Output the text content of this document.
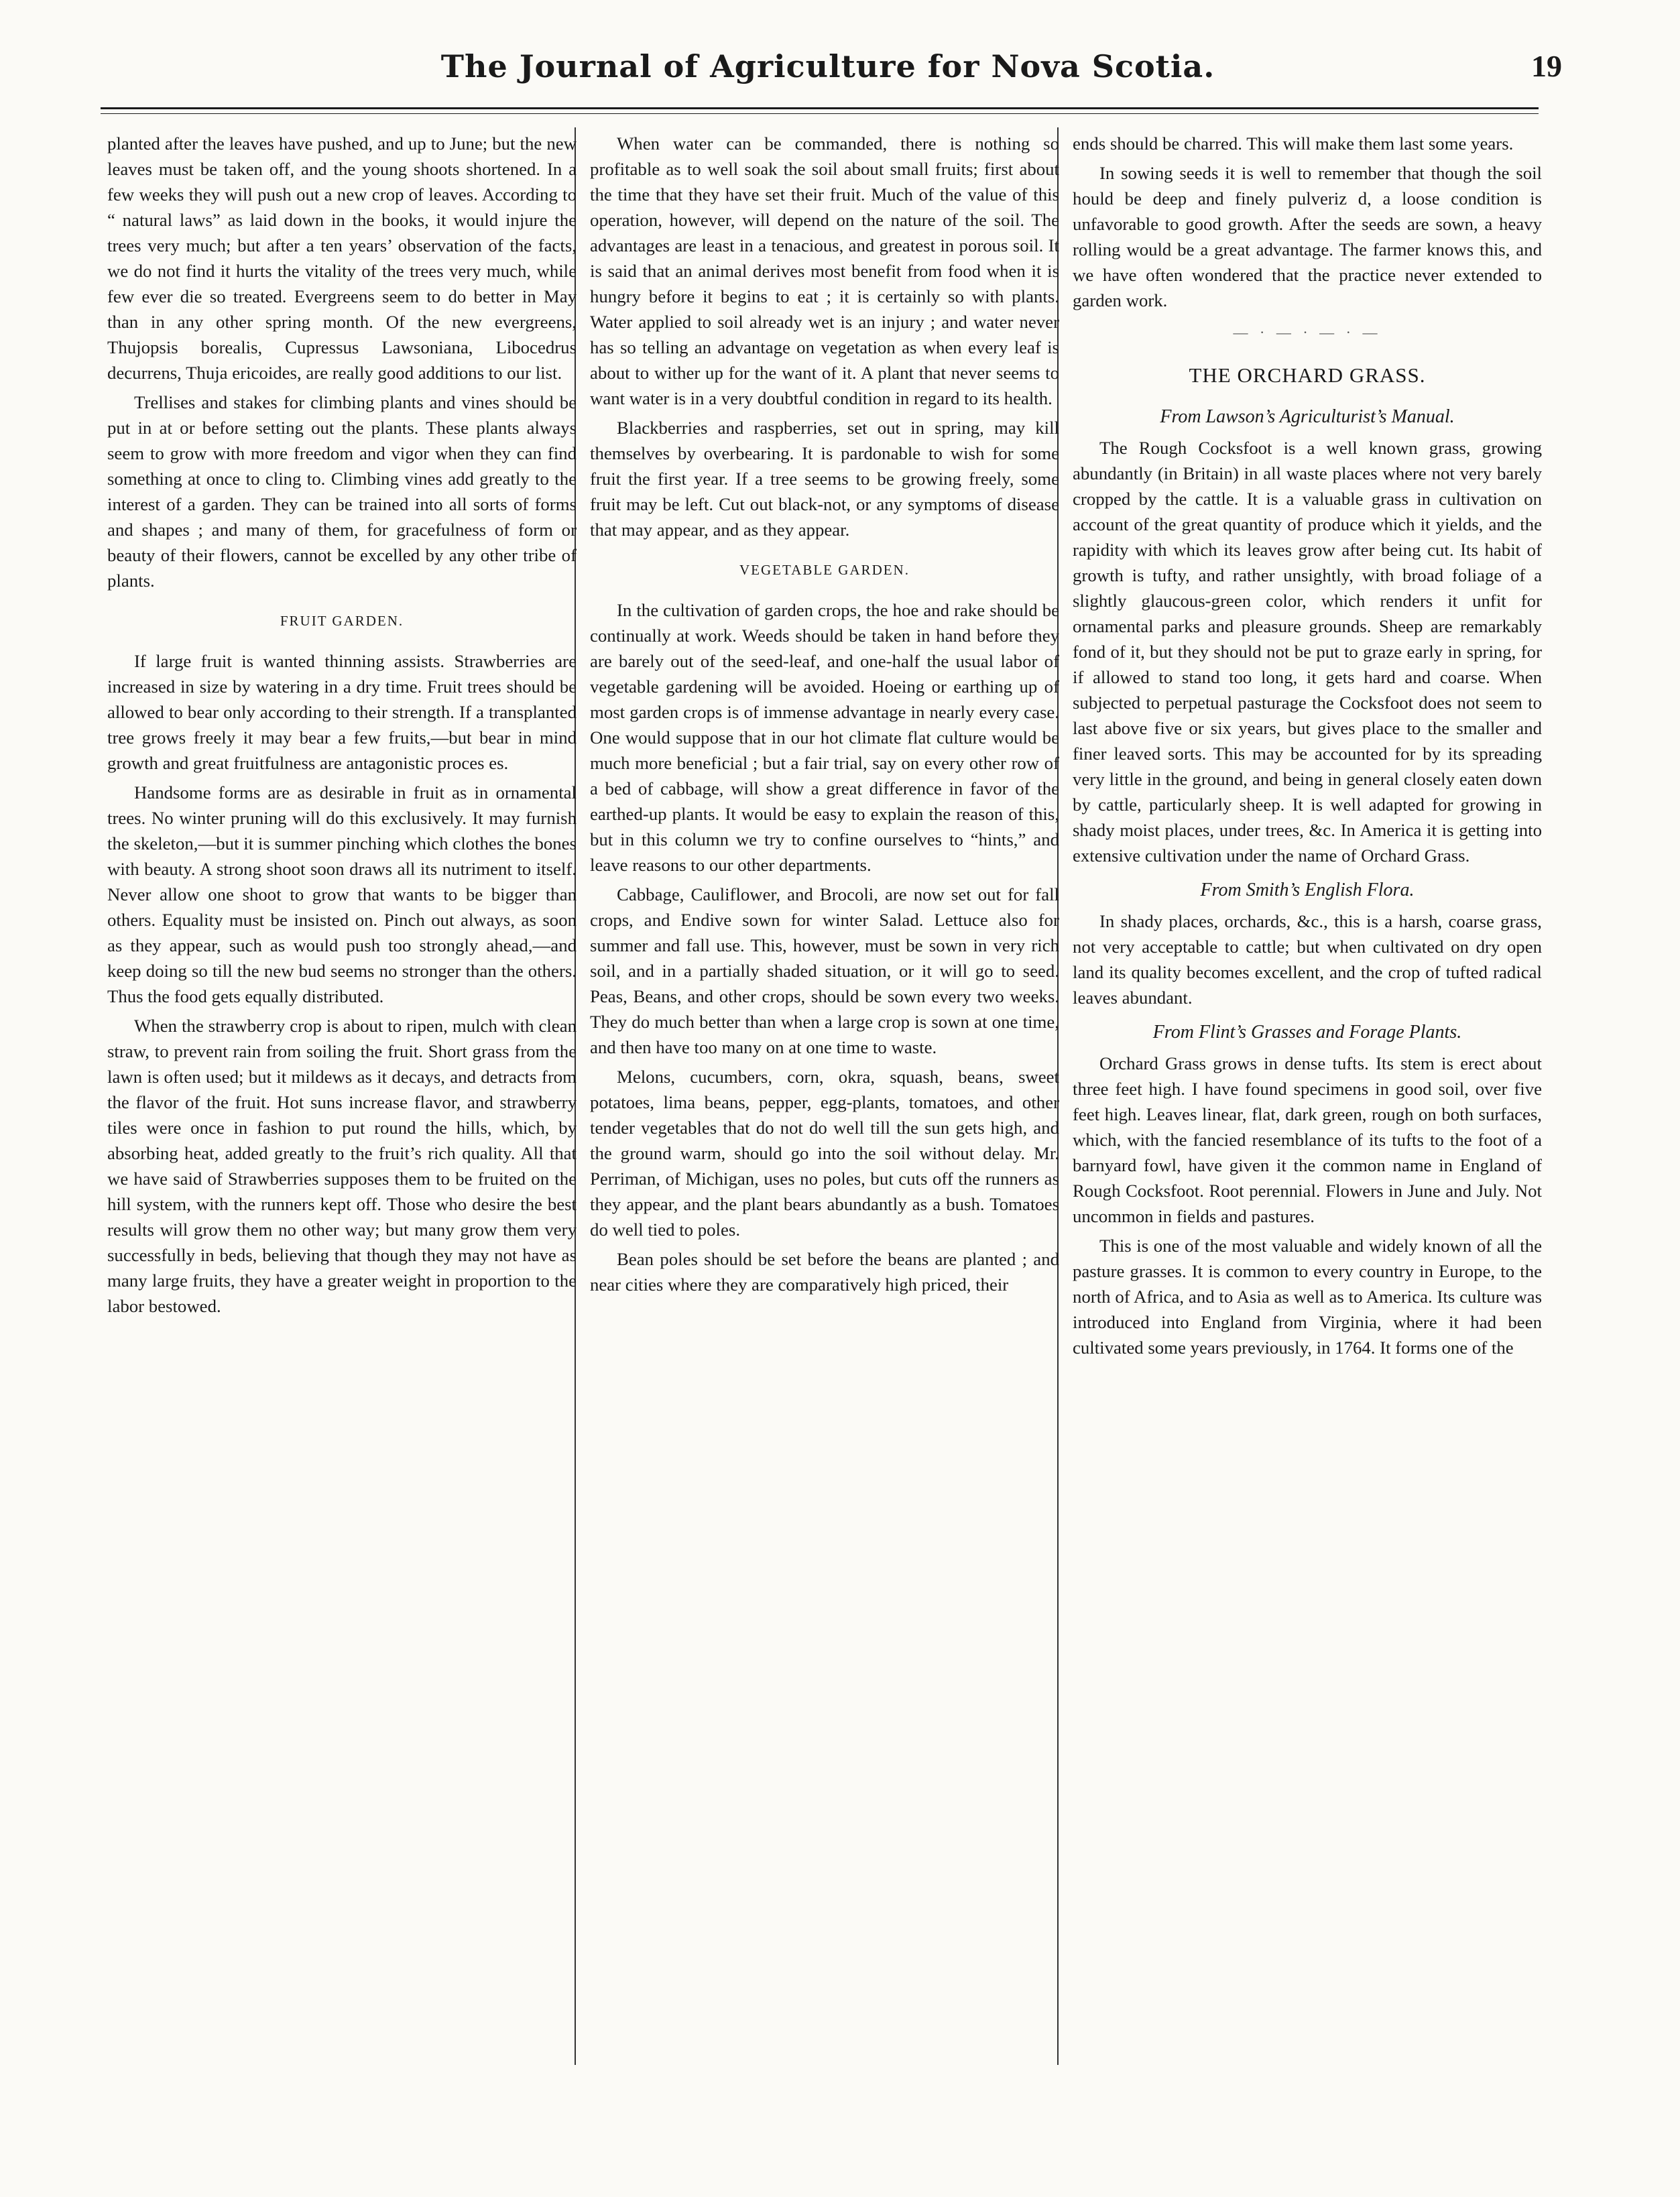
The Journal of Agriculture for Nova Scotia.	19

planted after the leaves have pushed, and up to June; but the new leaves must be taken off, and the young shoots shortened. In a few weeks they will push out a new crop of leaves. According to “ natural laws” as laid down in the books, it would injure the trees very much; but after a ten years’ observation of the facts, we do not find it hurts the vitality of the trees very much, while few ever die so treated. Evergreens seem to do better in May than in any other spring month. Of the new evergreens, Thujopsis borealis, Cupressus Lawsoniana, Libocedrus decurrens, Thuja ericoides, are really good additions to our list.

Trellises and stakes for climbing plants and vines should be put in at or before setting out the plants. These plants always seem to grow with more freedom and vigor when they can find something at once to cling to. Climbing vines add greatly to the interest of a garden. They can be trained into all sorts of forms and shapes ; and many of them, for gracefulness of form or beauty of their flowers, cannot be excelled by any other tribe of plants.

FRUIT GARDEN.

If large fruit is wanted thinning assists. Strawberries are increased in size by watering in a dry time. Fruit trees should be allowed to bear only according to their strength. If a transplanted tree grows freely it may bear a few fruits,—but bear in mind growth and great fruitfulness are antagonistic proces es.

Handsome forms are as desirable in fruit as in ornamental trees. No winter pruning will do this exclusively. It may furnish the skeleton,—but it is summer pinching which clothes the bones with beauty. A strong shoot soon draws all its nutriment to itself. Never allow one shoot to grow that wants to be bigger than others. Equality must be insisted on. Pinch out always, as soon as they appear, such as would push too strongly ahead,—and keep doing so till the new bud seems no stronger than the others. Thus the food gets equally distributed.

When the strawberry crop is about to ripen, mulch with clean straw, to prevent rain from soiling the fruit. Short grass from the lawn is often used; but it mildews as it decays, and detracts from the flavor of the fruit. Hot suns increase flavor, and strawberry tiles were once in fashion to put round the hills, which, by absorbing heat, added greatly to the fruit’s rich quality. All that we have said of Strawberries supposes them to be fruited on the hill system, with the runners kept off. Those who desire the best results will grow them no other way; but many grow them very successfully in beds, believing that though they may not have as many large fruits, they have a greater weight in proportion to the labor bestowed.

When water can be commanded, there is nothing so profitable as to well soak the soil about small fruits; first about the time that they have set their fruit. Much of the value of this operation, however, will depend on the nature of the soil. The advantages are least in a tenacious, and greatest in porous soil. It is said that an animal derives most benefit from food when it is hungry before it begins to eat ; it is certainly so with plants. Water applied to soil already wet is an injury ; and water never has so telling an advantage on vegetation as when every leaf is about to wither up for the want of it. A plant that never seems to want water is in a very doubtful condition in regard to its health.

Blackberries and raspberries, set out in spring, may kill themselves by overbearing. It is pardonable to wish for some fruit the first year. If a tree seems to be growing freely, some fruit may be left. Cut out black-not, or any symptoms of disease that may appear, and as they appear.

VEGETABLE GARDEN.

In the cultivation of garden crops, the hoe and rake should be continually at work. Weeds should be taken in hand before they are barely out of the seed-leaf, and one-half the usual labor of vegetable gardening will be avoided. Hoeing or earthing up of most garden crops is of immense advantage in nearly every case. One would suppose that in our hot climate flat culture would be much more beneficial ; but a fair trial, say on every other row of a bed of cabbage, will show a great difference in favor of the earthed-up plants. It would be easy to explain the reason of this, but in this column we try to confine ourselves to “hints,” and leave reasons to our other departments.

Cabbage, Cauliflower, and Brocoli, are now set out for fall crops, and Endive sown for winter Salad. Lettuce also for summer and fall use. This, however, must be sown in very rich soil, and in a partially shaded situation, or it will go to seed. Peas, Beans, and other crops, should be sown every two weeks. They do much better than when a large crop is sown at one time, and then have too many on at one time to waste.

Melons, cucumbers, corn, okra, squash, beans, sweet potatoes, lima beans, pepper, egg-plants, tomatoes, and other tender vegetables that do not do well till the sun gets high, and the ground warm, should go into the soil without delay. Mr. Perriman, of Michigan, uses no poles, but cuts off the runners as they appear, and the plant bears abundantly as a bush. Tomatoes do well tied to poles.

Bean poles should be set before the beans are planted ; and near cities where they are comparatively high priced, their

ends should be charred. This will make them last some years.

In sowing seeds it is well to remember that though the soil hould be deep and finely pulveriz d, a loose condition is unfavorable to good growth. After the seeds are sown, a heavy rolling would be a great advantage. The farmer knows this, and we have often wondered that the practice never extended to garden work.

— · — · — · —
THE ORCHARD GRASS.
From Lawson’s Agriculturist’s Manual.

The Rough Cocksfoot is a well known grass, growing abundantly (in Britain) in all waste places where not very barely cropped by the cattle. It is a valuable grass in cultivation on account of the great quantity of produce which it yields, and the rapidity with which its leaves grow after being cut. Its habit of growth is tufty, and rather unsightly, with broad foliage of a slightly glaucous-green color, which renders it unfit for ornamental parks and pleasure grounds. Sheep are remarkably fond of it, but they should not be put to graze early in spring, for if allowed to stand too long, it gets hard and coarse. When subjected to perpetual pasturage the Cocksfoot does not seem to last above five or six years, but gives place to the smaller and finer leaved sorts. This may be accounted for by its spreading very little in the ground, and being in general closely eaten down by cattle, particularly sheep. It is well adapted for growing in shady moist places, under trees, &c. In America it is getting into extensive cultivation under the name of Orchard Grass.

From Smith’s English Flora.

In shady places, orchards, &c., this is a harsh, coarse grass, not very acceptable to cattle; but when cultivated on dry open land its quality becomes excellent, and the crop of tufted radical leaves abundant.

From Flint’s Grasses and Forage Plants.

Orchard Grass grows in dense tufts. Its stem is erect about three feet high. I have found specimens in good soil, over five feet high. Leaves linear, flat, dark green, rough on both surfaces, which, with the fancied resemblance of its tufts to the foot of a barnyard fowl, have given it the common name in England of Rough Cocksfoot. Root perennial. Flowers in June and July. Not uncommon in fields and pastures.

This is one of the most valuable and widely known of all the pasture grasses. It is common to every country in Europe, to the north of Africa, and to Asia as well as to America. Its culture was introduced into England from Virginia, where it had been cultivated some years previously, in 1764. It forms one of the
